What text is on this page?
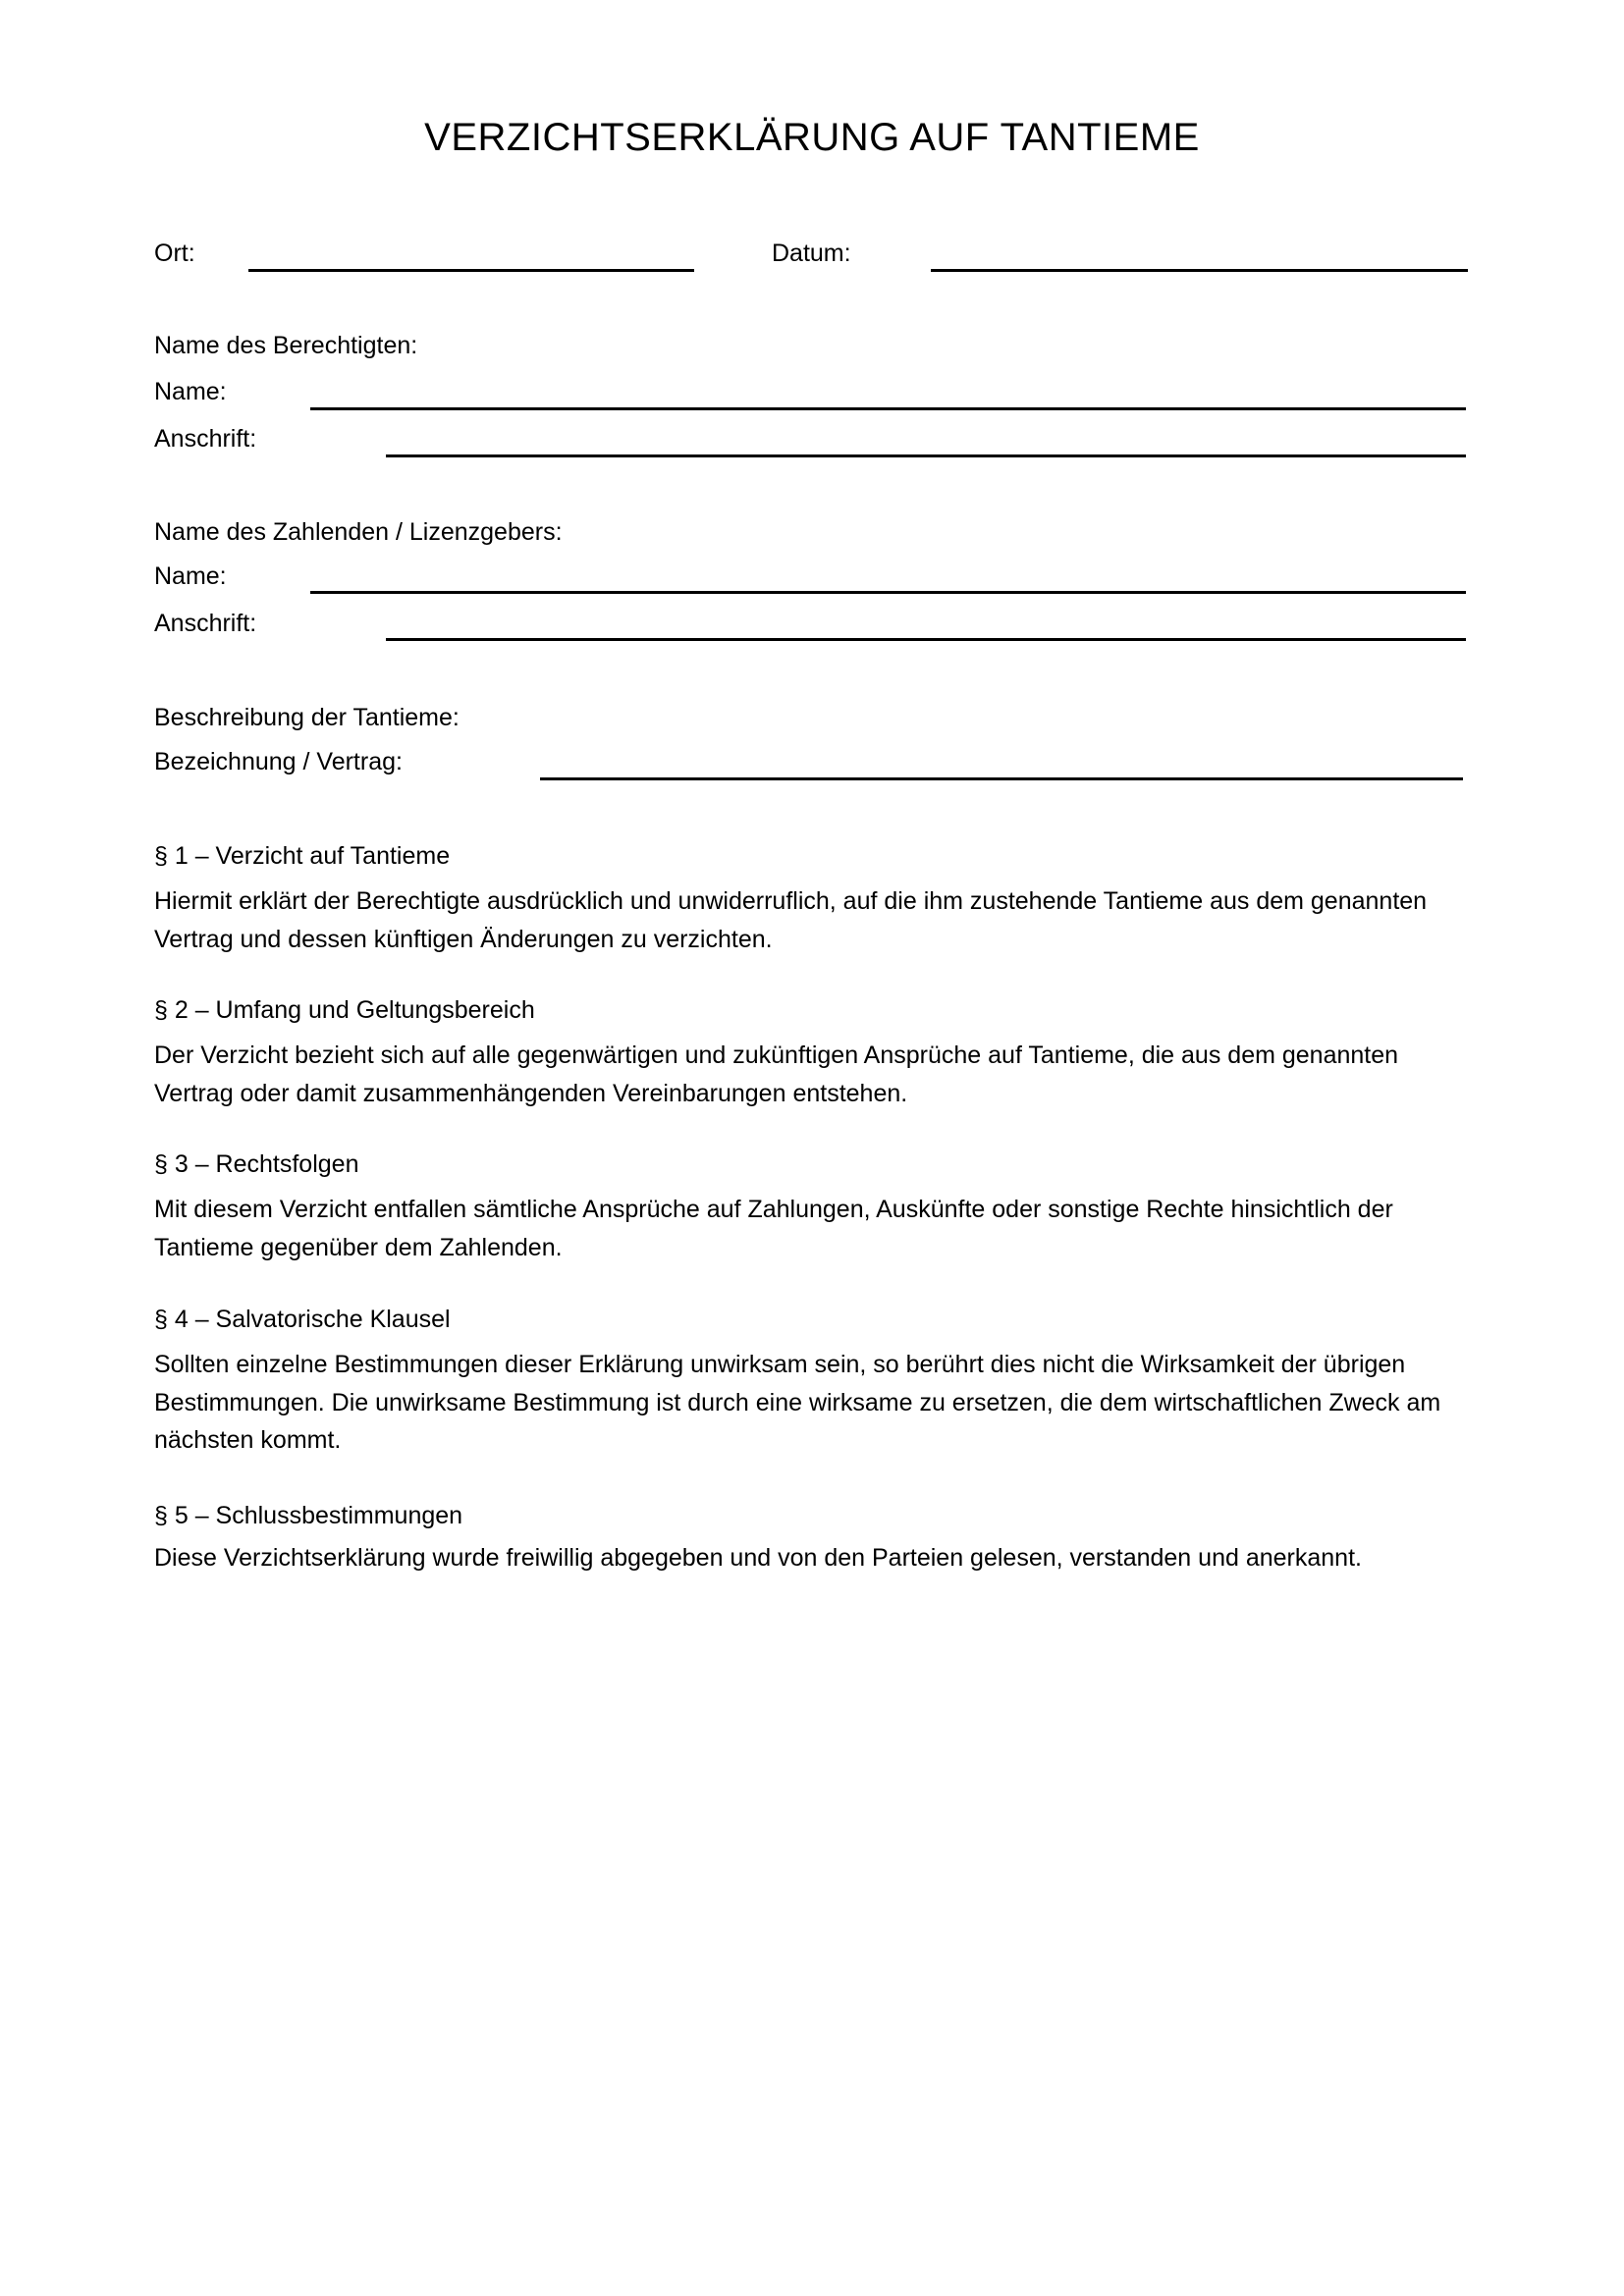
VERZICHTSERKLÄRUNG AUF TANTIEME
Ort:	Datum:
Name des Berechtigten:
Name:
Anschrift:
Name des Zahlenden / Lizenzgebers:
Name:
Anschrift:
Beschreibung der Tantieme:
Bezeichnung / Vertrag:
§ 1 – Verzicht auf Tantieme

Hiermit erklärt der Berechtigte ausdrücklich und unwiderruflich, auf die ihm zustehende Tantieme aus dem genannten Vertrag und dessen künftigen Änderungen zu verzichten.

§ 2 – Umfang und Geltungsbereich

Der Verzicht bezieht sich auf alle gegenwärtigen und zukünftigen Ansprüche auf Tantieme, die aus dem genannten Vertrag oder damit zusammenhängenden Vereinbarungen entstehen.

§ 3 – Rechtsfolgen

Mit diesem Verzicht entfallen sämtliche Ansprüche auf Zahlungen, Auskünfte oder sonstige Rechte hinsichtlich der Tantieme gegenüber dem Zahlenden.

§ 4 – Salvatorische Klausel

Sollten einzelne Bestimmungen dieser Erklärung unwirksam sein, so berührt dies nicht die Wirksamkeit der übrigen Bestimmungen. Die unwirksame Bestimmung ist durch eine wirksame zu ersetzen, die dem wirtschaftlichen Zweck am nächsten kommt.

§ 5 – Schlussbestimmungen

Diese Verzichtserklärung wurde freiwillig abgegeben und von den Parteien gelesen, verstanden und anerkannt.
